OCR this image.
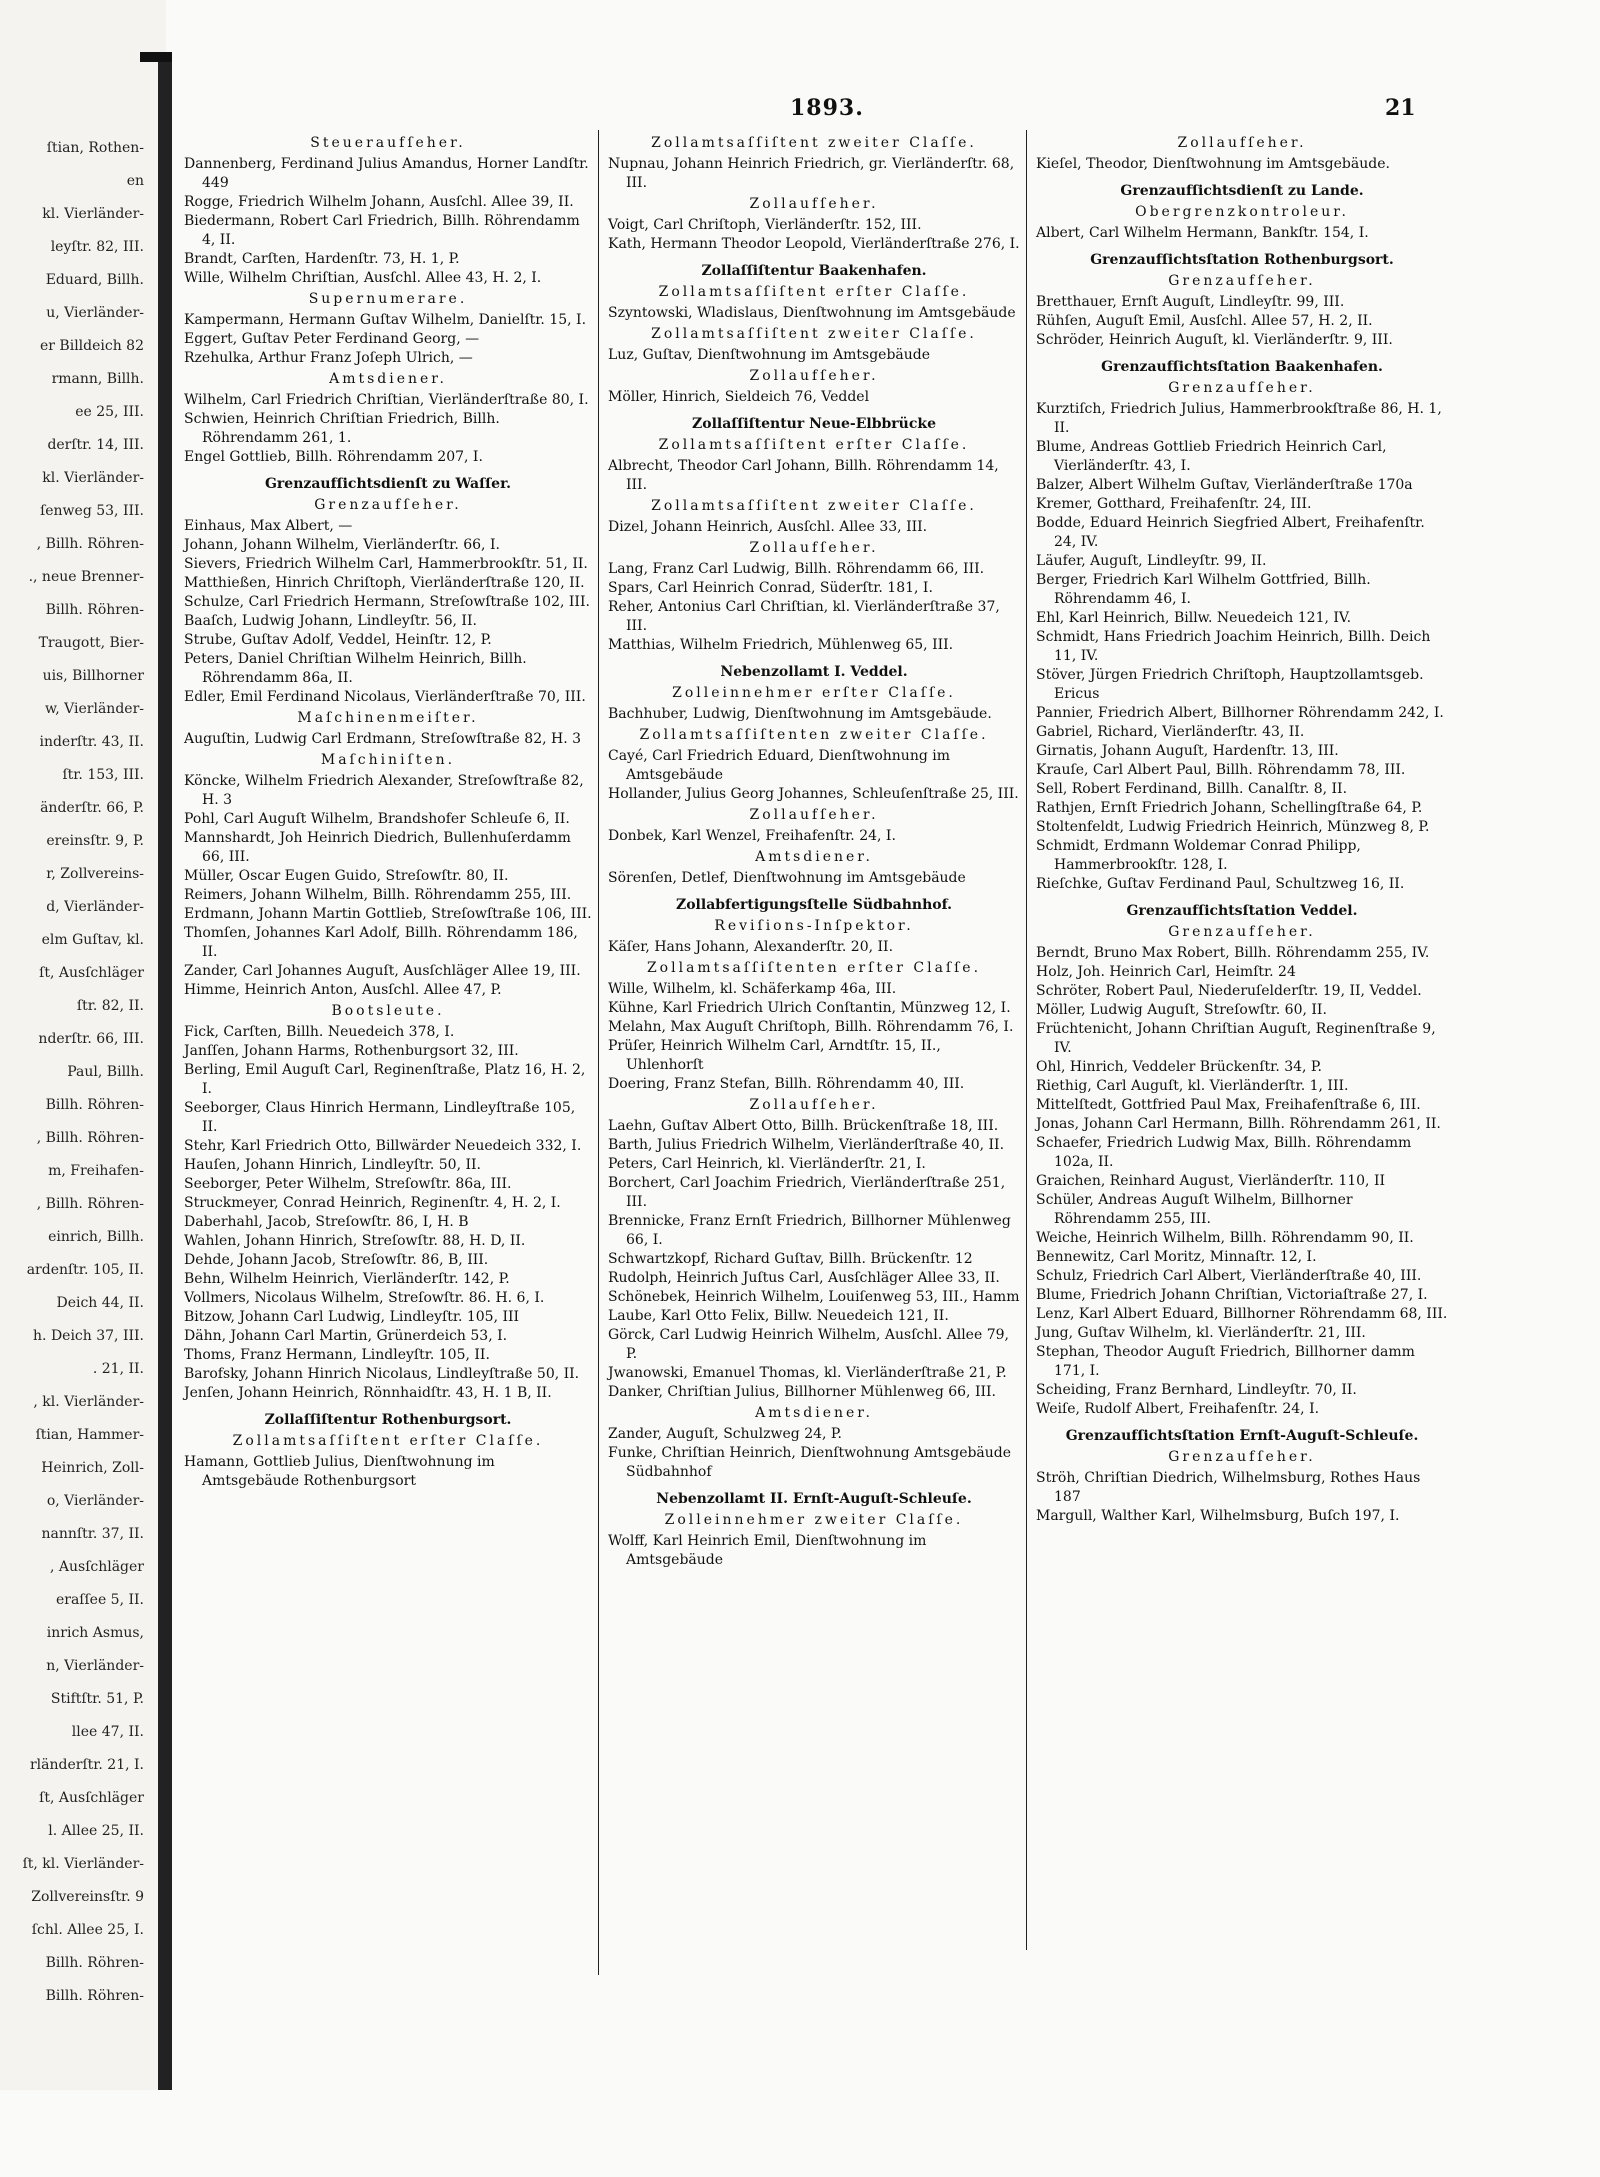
ſtian, Rothen-
en
kl. Vierländer-
leyſtr. 82, III.
Eduard, Billh.
u, Vierländer-
er Billdeich 82
rmann, Billh.
ee 25, III.
derſtr. 14, III.
kl. Vierländer-
ſenweg 53, III.
, Billh. Röhren-
., neue Brenner-
Billh. Röhren-
Traugott, Bier-
uis, Billhorner
w, Vierländer-
inderſtr. 43, II.
ſtr. 153, III.
änderſtr. 66, P.
ereinsſtr. 9, P.
r, Zollvereins-
d, Vierländer-
elm Guſtav, kl.
ſt, Ausſchläger
ſtr. 82, II.
nderſtr. 66, III.
Paul, Billh.
Billh. Röhren-
, Billh. Röhren-
m, Freihafen-
, Billh. Röhren-
einrich, Billh.
ardenſtr. 105, II.
Deich 44, II.
h. Deich 37, III.
. 21, II.
, kl. Vierländer-
ſtian, Hammer-
Heinrich, Zoll-
o, Vierländer-
nannſtr. 37, II.
, Ausſchläger
eraſſee 5, II.
inrich Asmus,
n, Vierländer-
Stiftſtr. 51, P.
llee 47, II.
rländerſtr. 21, I.
ſt, Ausſchläger
l. Allee 25, II.
ſt, kl. Vierländer-
Zollvereinsſtr. 9
ſchl. Allee 25, I.
Billh. Röhren-
Billh. Röhren-
1893.	21
Steueraufſeher.
Dannenberg, Ferdinand Julius Amandus, Horner Landſtr. 449
Rogge, Friedrich Wilhelm Johann, Ausſchl. Allee 39, II.
Biedermann, Robert Carl Friedrich, Billh. Röhrendamm 4, II.
Brandt, Carſten, Hardenſtr. 73, H. 1, P.
Wille, Wilhelm Chriſtian, Ausſchl. Allee 43, H. 2, I.
Supernumerare.
Kampermann, Hermann Guſtav Wilhelm, Danielſtr. 15, I.
Eggert, Guſtav Peter Ferdinand Georg, —
Rzehulka, Arthur Franz Joſeph Ulrich, —
Amtsdiener.
Wilhelm, Carl Friedrich Chriſtian, Vierländerſtraße 80, I.
Schwien, Heinrich Chriſtian Friedrich, Billh. Röhrendamm 261, 1.
Engel Gottlieb, Billh. Röhrendamm 207, I.
Grenzaufſichtsdienſt zu Waſſer.
Grenzaufſeher.
Einhaus, Max Albert, —
Johann, Johann Wilhelm, Vierländerſtr. 66, I.
Sievers, Friedrich Wilhelm Carl, Hammerbrookſtr. 51, II.
Matthießen, Hinrich Chriſtoph, Vierländerſtraße 120, II.
Schulze, Carl Friedrich Hermann, Streſowſtraße 102, III.
Baaſch, Ludwig Johann, Lindleyſtr. 56, II.
Strube, Guſtav Adolf, Veddel, Heinſtr. 12, P.
Peters, Daniel Chriſtian Wilhelm Heinrich, Billh. Röhrendamm 86a, II.
Edler, Emil Ferdinand Nicolaus, Vierländerſtraße 70, III.
Maſchinenmeiſter.
Auguſtin, Ludwig Carl Erdmann, Streſowſtraße 82, H. 3
Maſchiniſten.
Köncke, Wilhelm Friedrich Alexander, Streſowſtraße 82, H. 3
Pohl, Carl Auguſt Wilhelm, Brandshofer Schleuſe 6, II.
Mannshardt, Joh Heinrich Diedrich, Bullenhuſerdamm 66, III.
Müller, Oscar Eugen Guido, Streſowſtr. 80, II.
Reimers, Johann Wilhelm, Billh. Röhrendamm 255, III.
Erdmann, Johann Martin Gottlieb, Streſowſtraße 106, III.
Thomſen, Johannes Karl Adolf, Billh. Röhrendamm 186, II.
Zander, Carl Johannes Auguſt, Ausſchläger Allee 19, III.
Himme, Heinrich Anton, Ausſchl. Allee 47, P.
Bootsleute.
Fick, Carſten, Billh. Neuedeich 378, I.
Janſſen, Johann Harms, Rothenburgsort 32, III.
Berling, Emil Auguſt Carl, Reginenſtraße, Platz 16, H. 2, I.
Seeborger, Claus Hinrich Hermann, Lindleyſtraße 105, II.
Stehr, Karl Friedrich Otto, Billwärder Neuedeich 332, I.
Hauſen, Johann Hinrich, Lindleyſtr. 50, II.
Seeborger, Peter Wilhelm, Streſowſtr. 86a, III.
Struckmeyer, Conrad Heinrich, Reginenſtr. 4, H. 2, I.
Daberhahl, Jacob, Streſowſtr. 86, I, H. B
Wahlen, Johann Hinrich, Streſowſtr. 88, H. D, II.
Dehde, Johann Jacob, Streſowſtr. 86, B, III.
Behn, Wilhelm Heinrich, Vierländerſtr. 142, P.
Vollmers, Nicolaus Wilhelm, Streſowſtr. 86. H. 6, I.
Bitzow, Johann Carl Ludwig, Lindleyſtr. 105, III
Dähn, Johann Carl Martin, Grünerdeich 53, I.
Thoms, Franz Hermann, Lindleyſtr. 105, II.
Barofsky, Johann Hinrich Nicolaus, Lindleyſtraße 50, II.
Jenſen, Johann Heinrich, Rönnhaidſtr. 43, H. 1 B, II.
Zollaſſiſtentur Rothenburgsort.
Zollamtsaſſiſtent erſter Claſſe.
Hamann, Gottlieb Julius, Dienſtwohnung im Amtsgebäude Rothenburgsort
Zollamtsaſſiſtent zweiter Claſſe.
Nupnau, Johann Heinrich Friedrich, gr. Vierländerſtr. 68, III.
Zollaufſeher.
Voigt, Carl Chriſtoph, Vierländerſtr. 152, III.
Kath, Hermann Theodor Leopold, Vierländerſtraße 276, I.
Zollaſſiſtentur Baakenhafen.
Zollamtsaſſiſtent erſter Claſſe.
Szyntowski, Wladislaus, Dienſtwohnung im Amtsgebäude
Zollamtsaſſiſtent zweiter Claſſe.
Luz, Guſtav, Dienſtwohnung im Amtsgebäude
Zollaufſeher.
Möller, Hinrich, Sieldeich 76, Veddel
Zollaſſiſtentur Neue-Elbbrücke
Zollamtsaſſiſtent erſter Claſſe.
Albrecht, Theodor Carl Johann, Billh. Röhrendamm 14, III.
Zollamtsaſſiſtent zweiter Claſſe.
Dizel, Johann Heinrich, Ausſchl. Allee 33, III.
Zollaufſeher.
Lang, Franz Carl Ludwig, Billh. Röhrendamm 66, III.
Spars, Carl Heinrich Conrad, Süderſtr. 181, I.
Reher, Antonius Carl Chriſtian, kl. Vierländerſtraße 37, III.
Matthias, Wilhelm Friedrich, Mühlenweg 65, III.
Nebenzollamt I. Veddel.
Zolleinnehmer erſter Claſſe.
Bachhuber, Ludwig, Dienſtwohnung im Amtsgebäude.
Zollamtsaſſiſtenten zweiter Claſſe.
Cayé, Carl Friedrich Eduard, Dienſtwohnung im Amtsgebäude
Hollander, Julius Georg Johannes, Schleuſenſtraße 25, III.
Zollaufſeher.
Donbek, Karl Wenzel, Freihafenſtr. 24, I.
Amtsdiener.
Sörenſen, Detlef, Dienſtwohnung im Amtsgebäude
Zollabfertigungsſtelle Südbahnhof.
Reviſions-Inſpektor.
Käſer, Hans Johann, Alexanderſtr. 20, II.
Zollamtsaſſiſtenten erſter Claſſe.
Wille, Wilhelm, kl. Schäferkamp 46a, III.
Kühne, Karl Friedrich Ulrich Conſtantin, Münzweg 12, I.
Melahn, Max Auguſt Chriſtoph, Billh. Röhrendamm 76, I.
Prüſer, Heinrich Wilhelm Carl, Arndtſtr. 15, II., Uhlenhorſt
Doering, Franz Stefan, Billh. Röhrendamm 40, III.
Zollaufſeher.
Laehn, Guſtav Albert Otto, Billh. Brückenſtraße 18, III.
Barth, Julius Friedrich Wilhelm, Vierländerſtraße 40, II.
Peters, Carl Heinrich, kl. Vierländerſtr. 21, I.
Borchert, Carl Joachim Friedrich, Vierländerſtraße 251, III.
Brennicke, Franz Ernſt Friedrich, Billhorner Mühlenweg 66, I.
Schwartzkopf, Richard Guſtav, Billh. Brückenſtr. 12
Rudolph, Heinrich Juſtus Carl, Ausſchläger Allee 33, II.
Schönebek, Heinrich Wilhelm, Louiſenweg 53, III., Hamm
Laube, Karl Otto Felix, Billw. Neuedeich 121, II.
Görck, Carl Ludwig Heinrich Wilhelm, Ausſchl. Allee 79, P.
Jwanowski, Emanuel Thomas, kl. Vierländerſtraße 21, P.
Danker, Chriſtian Julius, Billhorner Mühlenweg 66, III.
Amtsdiener.
Zander, Auguſt, Schulzweg 24, P.
Funke, Chriſtian Heinrich, Dienſtwohnung Amtsgebäude Südbahnhof
Nebenzollamt II. Ernſt-Auguſt-Schleuſe.
Zolleinnehmer zweiter Claſſe.
Wolff, Karl Heinrich Emil, Dienſtwohnung im Amtsgebäude
Zollaufſeher.
Kieſel, Theodor, Dienſtwohnung im Amtsgebäude.
Grenzaufſichtsdienſt zu Lande.
Obergrenzkontroleur.
Albert, Carl Wilhelm Hermann, Bankſtr. 154, I.
Grenzaufſichtsſtation Rothenburgsort.
Grenzaufſeher.
Bretthauer, Ernſt Auguſt, Lindleyſtr. 99, III.
Rühſen, Auguſt Emil, Ausſchl. Allee 57, H. 2, II.
Schröder, Heinrich Auguſt, kl. Vierländerſtr. 9, III.
Grenzaufſichtsſtation Baakenhafen.
Grenzaufſeher.
Kurztiſch, Friedrich Julius, Hammerbrookſtraße 86, H. 1, II.
Blume, Andreas Gottlieb Friedrich Heinrich Carl, Vierländerſtr. 43, I.
Balzer, Albert Wilhelm Guſtav, Vierländerſtraße 170a
Kremer, Gotthard, Freihafenſtr. 24, III.
Bodde, Eduard Heinrich Siegfried Albert, Freihafenſtr. 24, IV.
Läufer, Auguſt, Lindleyſtr. 99, II.
Berger, Friedrich Karl Wilhelm Gottfried, Billh. Röhrendamm 46, I.
Ehl, Karl Heinrich, Billw. Neuedeich 121, IV.
Schmidt, Hans Friedrich Joachim Heinrich, Billh. Deich 11, IV.
Stöver, Jürgen Friedrich Chriſtoph, Hauptzollamtsgeb. Ericus
Pannier, Friedrich Albert, Billhorner Röhrendamm 242, I.
Gabriel, Richard, Vierländerſtr. 43, II.
Girnatis, Johann Auguſt, Hardenſtr. 13, III.
Krauſe, Carl Albert Paul, Billh. Röhrendamm 78, III.
Sell, Robert Ferdinand, Billh. Canalſtr. 8, II.
Rathjen, Ernſt Friedrich Johann, Schellingſtraße 64, P.
Stoltenfeldt, Ludwig Friedrich Heinrich, Münzweg 8, P.
Schmidt, Erdmann Woldemar Conrad Philipp, Hammerbrookſtr. 128, I.
Rieſchke, Guſtav Ferdinand Paul, Schultzweg 16, II.
Grenzaufſichtsſtation Veddel.
Grenzaufſeher.
Berndt, Bruno Max Robert, Billh. Röhrendamm 255, IV.
Holz, Joh. Heinrich Carl, Heimſtr. 24
Schröter, Robert Paul, Niederuſelderſtr. 19, II, Veddel.
Möller, Ludwig Auguſt, Streſowſtr. 60, II.
Früchtenicht, Johann Chriſtian Auguſt, Reginenſtraße 9, IV.
Ohl, Hinrich, Veddeler Brückenſtr. 34, P.
Riethig, Carl Auguſt, kl. Vierländerſtr. 1, III.
Mittelſtedt, Gottfried Paul Max, Freihafenſtraße 6, III.
Jonas, Johann Carl Hermann, Billh. Röhrendamm 261, II.
Schaefer, Friedrich Ludwig Max, Billh. Röhrendamm 102a, II.
Graichen, Reinhard August, Vierländerſtr. 110, II
Schüler, Andreas Auguſt Wilhelm, Billhorner Röhrendamm 255, III.
Weiche, Heinrich Wilhelm, Billh. Röhrendamm 90, II.
Bennewitz, Carl Moritz, Minnaſtr. 12, I.
Schulz, Friedrich Carl Albert, Vierländerſtraße 40, III.
Blume, Friedrich Johann Chriſtian, Victoriaſtraße 27, I.
Lenz, Karl Albert Eduard, Billhorner Röhrendamm 68, III.
Jung, Guſtav Wilhelm, kl. Vierländerſtr. 21, III.
Stephan, Theodor Auguſt Friedrich, Billhorner damm 171, I.
Scheiding, Franz Bernhard, Lindleyſtr. 70, II.
Weiſe, Rudolf Albert, Freihafenſtr. 24, I.
Grenzaufſichtsſtation Ernſt-Auguſt-Schleuſe.
Grenzaufſeher.
Ströh, Chriſtian Diedrich, Wilhelmsburg, Rothes Haus 187
Margull, Walther Karl, Wilhelmsburg, Buſch 197, I.
